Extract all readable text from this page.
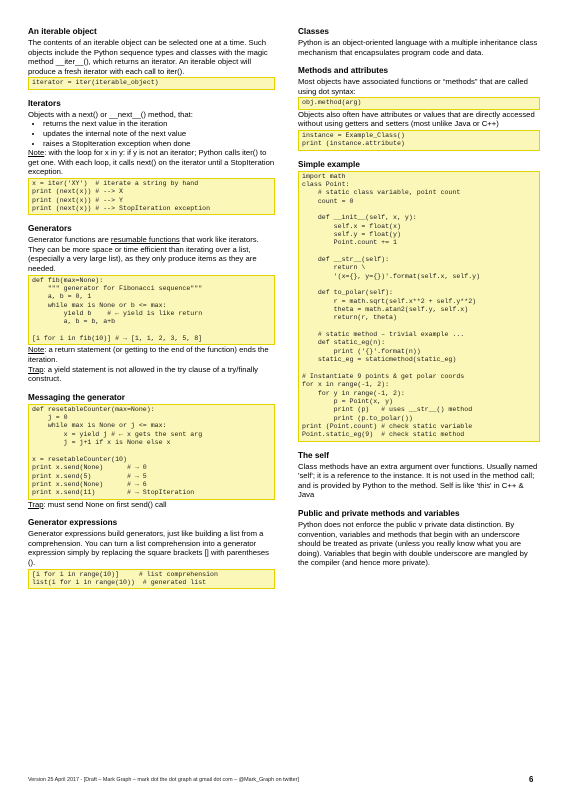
An iterable object

The contents of an iterable object can be selected one at a time. Such objects include the Python sequence types and classes with the magic method __iter__(), which returns an iterator. An iterable object will produce a fresh iterator with each call to iter().

iterator = iter(iterable_object)
Iterators

Objects with a next() or __next__() method, that:

• returns the next value in the iteration
• updates the internal note of the next value
• raises a StopIteration exception when done

Note: with the loop for x in y: if y is not an iterator; Python calls iter() to get one. With each loop, it calls next() on the iterator until a StopIteration exception.

x = iter('XY')  # iterate a string by hand
print (next(x)) # --> X
print (next(x)) # --> Y
print (next(x)) # --> StopIteration exception
Generators

Generator functions are resumable functions that work like iterators. They can be more space or time efficient than iterating over a list, (especially a very large list), as they only produce items as they are needed.

def fib(max=None):
""" generator for Fibonacci sequence"""
a, b = 0, 1
while max is None or b <= max:
yield b    # ← yield is like return
a, b = b, a+b

[i for i in fib(10)] # → [1, 1, 2, 3, 5, 8]

Note: a return statement (or getting to the end of the function) ends the iteration.

Trap: a yield statement is not allowed in the try clause of a try/finally construct.

Messaging the generator
def resetableCounter(max=None):
j = 0
while max is None or j <= max:
x = yield j # ← x gets the sent arg
j = j+1 if x is None else x

x = resetableCounter(10)
print x.send(None)      # → 0
print x.send(5)         # → 5
print x.send(None)      # → 6
print x.send(11)        # → StopIteration

Trap: must send None on first send() call

Generator expressions

Generator expressions build generators, just like building a list from a comprehension. You can turn a list comprehension into a generator expression simply by replacing the square brackets [] with parentheses ().

[i for i in range(10)]     # list comprehension
list(i for i in range(10))  # generated list
Classes

Python is an object-oriented language with a multiple inheritance class mechanism that encapsulates program code and data.

Methods and attributes

Most objects have associated functions or “methods” that are called using dot syntax:

obj.method(arg)

Objects also often have attributes or values that are directly accessed without using getters and setters (most unlike Java or C++)

instance = Example_Class()
print (instance.attribute)
Simple example
import math
class Point:
# static class variable, point count
count = 0

def __init__(self, x, y):
self.x = float(x)
self.y = float(y)
Point.count += 1

def __str__(self):
return \
'(x={}, y={})'.format(self.x, self.y)

def to_polar(self):
r = math.sqrt(self.x**2 + self.y**2)
theta = math.atan2(self.y, self.x)
return(r, theta)

# static method – trivial example ...
def static_eg(n):
print ('{}'.format(n))
static_eg = staticmethod(static_eg)

# Instantiate 9 points & get polar coords
for x in range(-1, 2):
for y in range(-1, 2):
p = Point(x, y)
print (p)   # uses __str__() method
print (p.to_polar())
print (Point.count) # check static variable
Point.static_eg(9)  # check static method
The self

Class methods have an extra argument over functions. Usually named 'self'; it is a reference to the instance. It is not used in the method call; and is provided by Python to the method. Self is like 'this' in C++ & Java

Public and private methods and variables

Python does not enforce the public v private data distinction. By convention, variables and methods that begin with an underscore should be treated as private (unless you really know what you are doing). Variables that begin with double underscore are mangled by the compiler (and hence more private).

Version 25 April 2017 - [Draft – Mark Graph – mark dot the dot graph at gmail dot com – @Mark_Graph on twitter]	6
